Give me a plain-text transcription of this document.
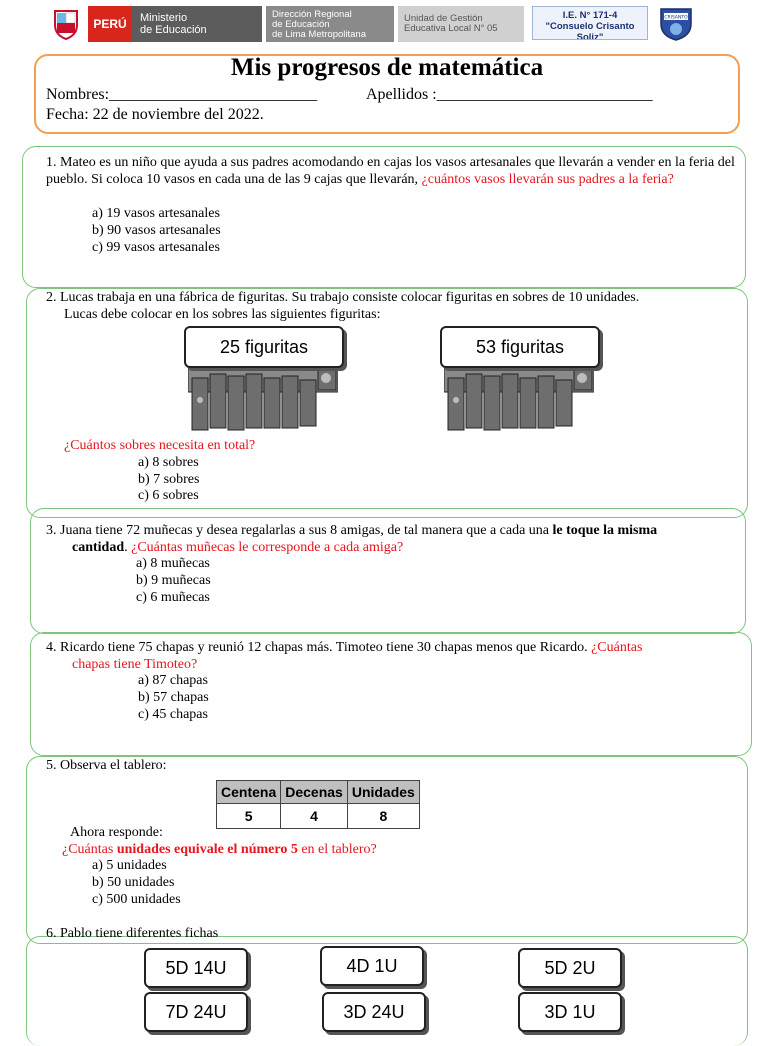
PERÚ	Ministerio
de Educación
Dirección Regional
de Educación
de Lima Metropolitana
Unidad de Gestión
Educativa Local N° 05
I.E. N° 171-4
"Consuelo Crisanto
Soliz"
CRISANTO
Mis progresos de matemática
Nombres:__________________________	Apellidos :___________________________
Fecha: 22 de noviembre del 2022.
1. Mateo es un niño que ayuda a sus padres acomodando en cajas los vasos artesanales que llevarán a vender en la feria del pueblo. Si coloca 10 vasos en cada una de las 9 cajas que llevarán, ¿cuántos vasos llevarán sus padres a la feria?
a) 19 vasos artesanales
b) 90 vasos artesanales
c) 99 vasos artesanales
2. Lucas trabaja en una fábrica de figuritas. Su trabajo consiste colocar figuritas en sobres de 10 unidades.
Lucas debe colocar en los sobres las siguientes figuritas:
25 figuritas	53 figuritas
¿Cuántos sobres necesita en total?
a) 8 sobres
b) 7 sobres
c) 6 sobres
3. Juana tiene 72 muñecas y desea regalarlas a sus 8 amigas, de tal manera que a cada una le toque la misma
cantidad. ¿Cuántas muñecas le corresponde a cada amiga?
a) 8 muñecas
b) 9 muñecas
c) 6 muñecas
4. Ricardo tiene 75 chapas y reunió 12 chapas más. Timoteo tiene 30 chapas menos que Ricardo. ¿Cuántas
chapas tiene Timoteo?
a) 87 chapas
b) 57 chapas
c) 45 chapas
5. Observa el tablero:
Centena	Decenas	Unidades
5	4	8
Ahora responde:
¿Cuántas unidades equivale el número 5 en el tablero?
a) 5 unidades
b) 50 unidades
c) 500 unidades
6. Pablo tiene diferentes fichas
5D 14U	4D 1U	5D 2U
7D 24U	3D 24U	3D 1U
